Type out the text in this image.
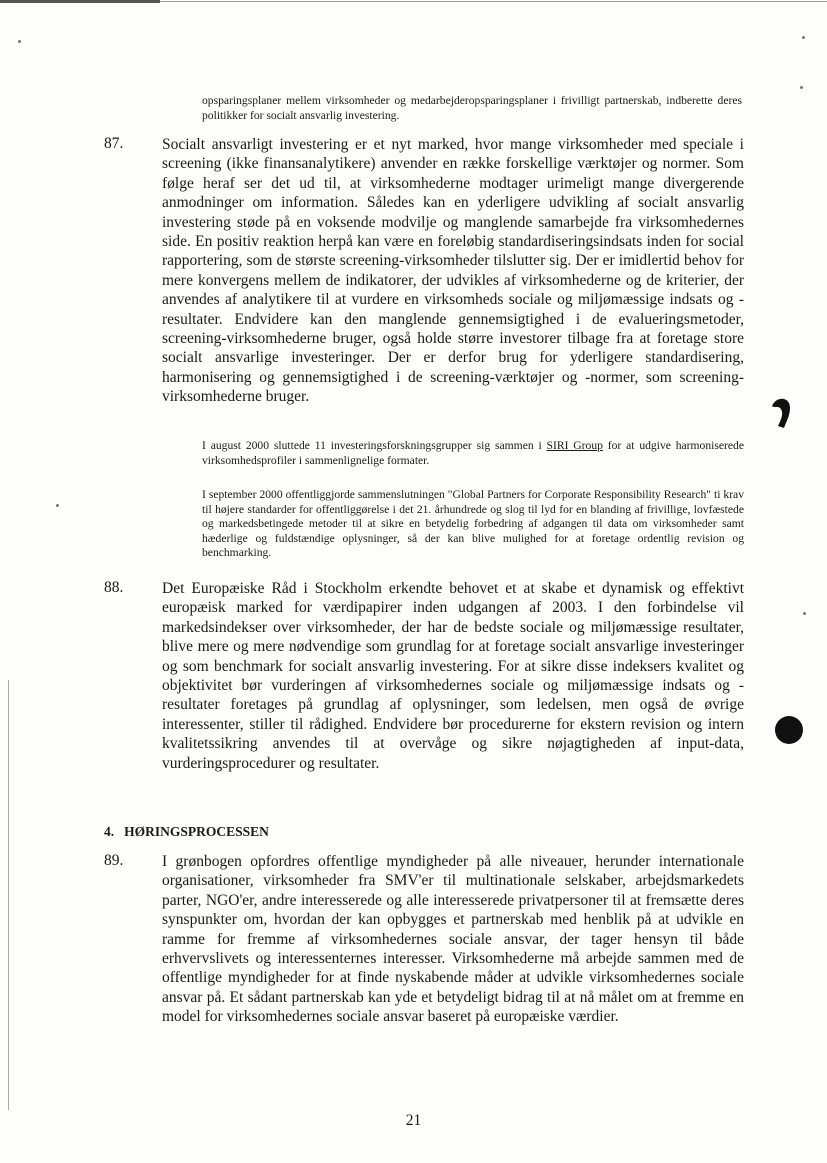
opsparingsplaner mellem virksomheder og medarbejderopsparingsplaner i frivilligt partnerskab, indberette deres politikker for socialt ansvarlig investering.

87. Socialt ansvarligt investering er et nyt marked, hvor mange virksomheder med speciale i screening (ikke finansanalytikere) anvender en række forskellige værktøjer og normer. Som følge heraf ser det ud til, at virksomhederne modtager urimeligt mange divergerende anmodninger om information. Således kan en yderligere udvikling af socialt ansvarlig investering støde på en voksende modvilje og manglende samarbejde fra virksomhedernes side. En positiv reaktion herpå kan være en foreløbig standardiseringsindsats inden for social rapportering, som de største screening-virksomheder tilslutter sig. Der er imidlertid behov for mere konvergens mellem de indikatorer, der udvikles af virksomhederne og de kriterier, der anvendes af analytikere til at vurdere en virksomheds sociale og miljømæssige indsats og -resultater. Endvidere kan den manglende gennemsigtighed i de evalueringsmetoder, screening-virksomhederne bruger, også holde større investorer tilbage fra at foretage store socialt ansvarlige investeringer. Der er derfor brug for yderligere standardisering, harmonisering og gennemsigtighed i de screening-værktøjer og -normer, som screening-virksomhederne bruger.

I august 2000 sluttede 11 investeringsforskningsgrupper sig sammen i SIRI Group for at udgive harmoniserede virksomhedsprofiler i sammenlignelige formater.

I september 2000 offentliggjorde sammenslutningen "Global Partners for Corporate Responsibility Research" ti krav til højere standarder for offentliggørelse i det 21. århundrede og slog til lyd for en blanding af frivillige, lovfæstede og markedsbetingede metoder til at sikre en betydelig forbedring af adgangen til data om virksomheder samt hæderlige og fuldstændige oplysninger, så der kan blive mulighed for at foretage ordentlig revision og benchmarking.

88. Det Europæiske Råd i Stockholm erkendte behovet et at skabe et dynamisk og effektivt europæisk marked for værdipapirer inden udgangen af 2003. I den forbindelse vil markedsindekser over virksomheder, der har de bedste sociale og miljømæssige resultater, blive mere og mere nødvendige som grundlag for at foretage socialt ansvarlige investeringer og som benchmark for socialt ansvarlig investering. For at sikre disse indeksers kvalitet og objektivitet bør vurderingen af virksomhedernes sociale og miljømæssige indsats og -resultater foretages på grundlag af oplysninger, som ledelsen, men også de øvrige interessenter, stiller til rådighed. Endvidere bør procedurerne for ekstern revision og intern kvalitetssikring anvendes til at overvåge og sikre nøjagtigheden af input-data, vurderingsprocedurer og resultater.

4. HØRINGSPROCESSEN
89. I grønbogen opfordres offentlige myndigheder på alle niveauer, herunder internationale organisationer, virksomheder fra SMV'er til multinationale selskaber, arbejdsmarkedets parter, NGO'er, andre interesserede og alle interesserede privatpersoner til at fremsætte deres synspunkter om, hvordan der kan opbygges et partnerskab med henblik på at udvikle en ramme for fremme af virksomhedernes sociale ansvar, der tager hensyn til både erhvervslivets og interessenternes interesser. Virksomhederne må arbejde sammen med de offentlige myndigheder for at finde nyskabende måder at udvikle virksomhedernes sociale ansvar på. Et sådant partnerskab kan yde et betydeligt bidrag til at nå målet om at fremme en model for virksomhedernes sociale ansvar baseret på europæiske værdier.

21
